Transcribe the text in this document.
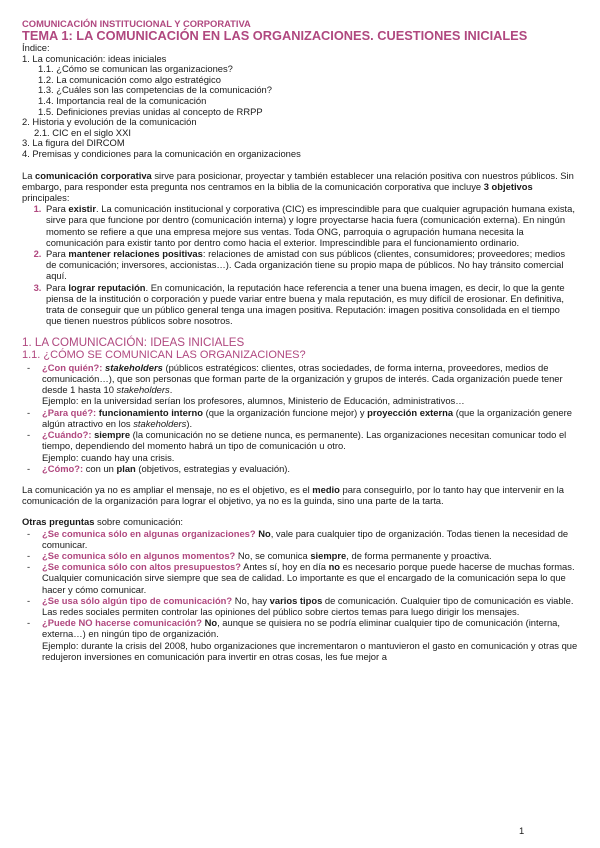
COMUNICACIÓN INSTITUCIONAL Y CORPORATIVA
TEMA 1: LA COMUNICACIÓN EN LAS ORGANIZACIONES. CUESTIONES INICIALES
Índice:
1. La comunicación: ideas iniciales
1.1. ¿Cómo se comunican las organizaciones?
1.2. La comunicación como algo estratégico
1.3. ¿Cuáles son las competencias de la comunicación?
1.4. Importancia real de la comunicación
1.5. Definiciones previas unidas al concepto de RRPP
2. Historia y evolución de la comunicación
2.1. CIC en el siglo XXI
3. La figura del DIRCOM
4. Premisas y condiciones para la comunicación en organizaciones

La comunicación corporativa sirve para posicionar, proyectar y también establecer una relación positiva con nuestros públicos. Sin embargo, para responder esta pregunta nos centramos en la biblia de la comunicación corporativa que incluye 3 objetivos principales:

1. Para existir. La comunicación institucional y corporativa (CIC) es imprescindible para que cualquier agrupación humana exista, sirve para que funcione por dentro (comunicación interna) y logre proyectarse hacia fuera (comunicación externa). En ningún momento se refiere a que una empresa mejore sus ventas. Toda ONG, parroquia o agrupación humana necesita la comunicación para existir tanto por dentro como hacia el exterior. Imprescindible para el funcionamiento ordinario.
2. Para mantener relaciones positivas: relaciones de amistad con sus públicos (clientes, consumidores; proveedores; medios de comunicación; inversores, accionistas…). Cada organización tiene su propio mapa de públicos. No hay tránsito comercial aquí.
3. Para lograr reputación. En comunicación, la reputación hace referencia a tener una buena imagen, es decir, lo que la gente piensa de la institución o corporación y puede variar entre buena y mala reputación, es muy difícil de erosionar. En definitiva, trata de conseguir que un público general tenga una imagen positiva. Reputación: imagen positiva consolidada en el tiempo que tienen nuestros públicos sobre nosotros.
1. LA COMUNICACIÓN: IDEAS INICIALES
1.1. ¿CÓMO SE COMUNICAN LAS ORGANIZACIONES?
- ¿Con quién?: stakeholders (públicos estratégicos: clientes, otras sociedades, de forma interna, proveedores, medios de comunicación…), que son personas que forman parte de la organización y grupos de interés. Cada organización puede tener desde 1 hasta 10 stakeholders.
Ejemplo: en la universidad serían los profesores, alumnos, Ministerio de Educación, administrativos…
- ¿Para qué?: funcionamiento interno (que la organización funcione mejor) y proyección externa (que la organización genere algún atractivo en los stakeholders).
- ¿Cuándo?: siempre (la comunicación no se detiene nunca, es permanente). Las organizaciones necesitan comunicar todo el tiempo, dependiendo del momento habrá un tipo de comunicación u otro.
Ejemplo: cuando hay una crisis.
- ¿Cómo?: con un plan (objetivos, estrategias y evaluación).

La comunicación ya no es ampliar el mensaje, no es el objetivo, es el medio para conseguirlo, por lo tanto hay que intervenir en la comunicación de la organización para lograr el objetivo, ya no es la guinda, sino una parte de la tarta.

Otras preguntas sobre comunicación:

- ¿Se comunica sólo en algunas organizaciones? No, vale para cualquier tipo de organización. Todas tienen la necesidad de comunicar.
- ¿Se comunica sólo en algunos momentos? No, se comunica siempre, de forma permanente y proactiva.
- ¿Se comunica sólo con altos presupuestos? Antes sí, hoy en día no es necesario porque puede hacerse de muchas formas. Cualquier comunicación sirve siempre que sea de calidad. Lo importante es que el encargado de la comunicación sepa lo que hacer y cómo comunicar.
- ¿Se usa sólo algún tipo de comunicación? No, hay varios tipos de comunicación. Cualquier tipo de comunicación es viable. Las redes sociales permiten controlar las opiniones del público sobre ciertos temas para luego dirigir los mensajes.
- ¿Puede NO hacerse comunicación? No, aunque se quisiera no se podría eliminar cualquier tipo de comunicación (interna, externa…) en ningún tipo de organización.
Ejemplo: durante la crisis del 2008, hubo organizaciones que incrementaron o mantuvieron el gasto en comunicación y otras que redujeron inversiones en comunicación para invertir en otras cosas, les fue mejor a
1
